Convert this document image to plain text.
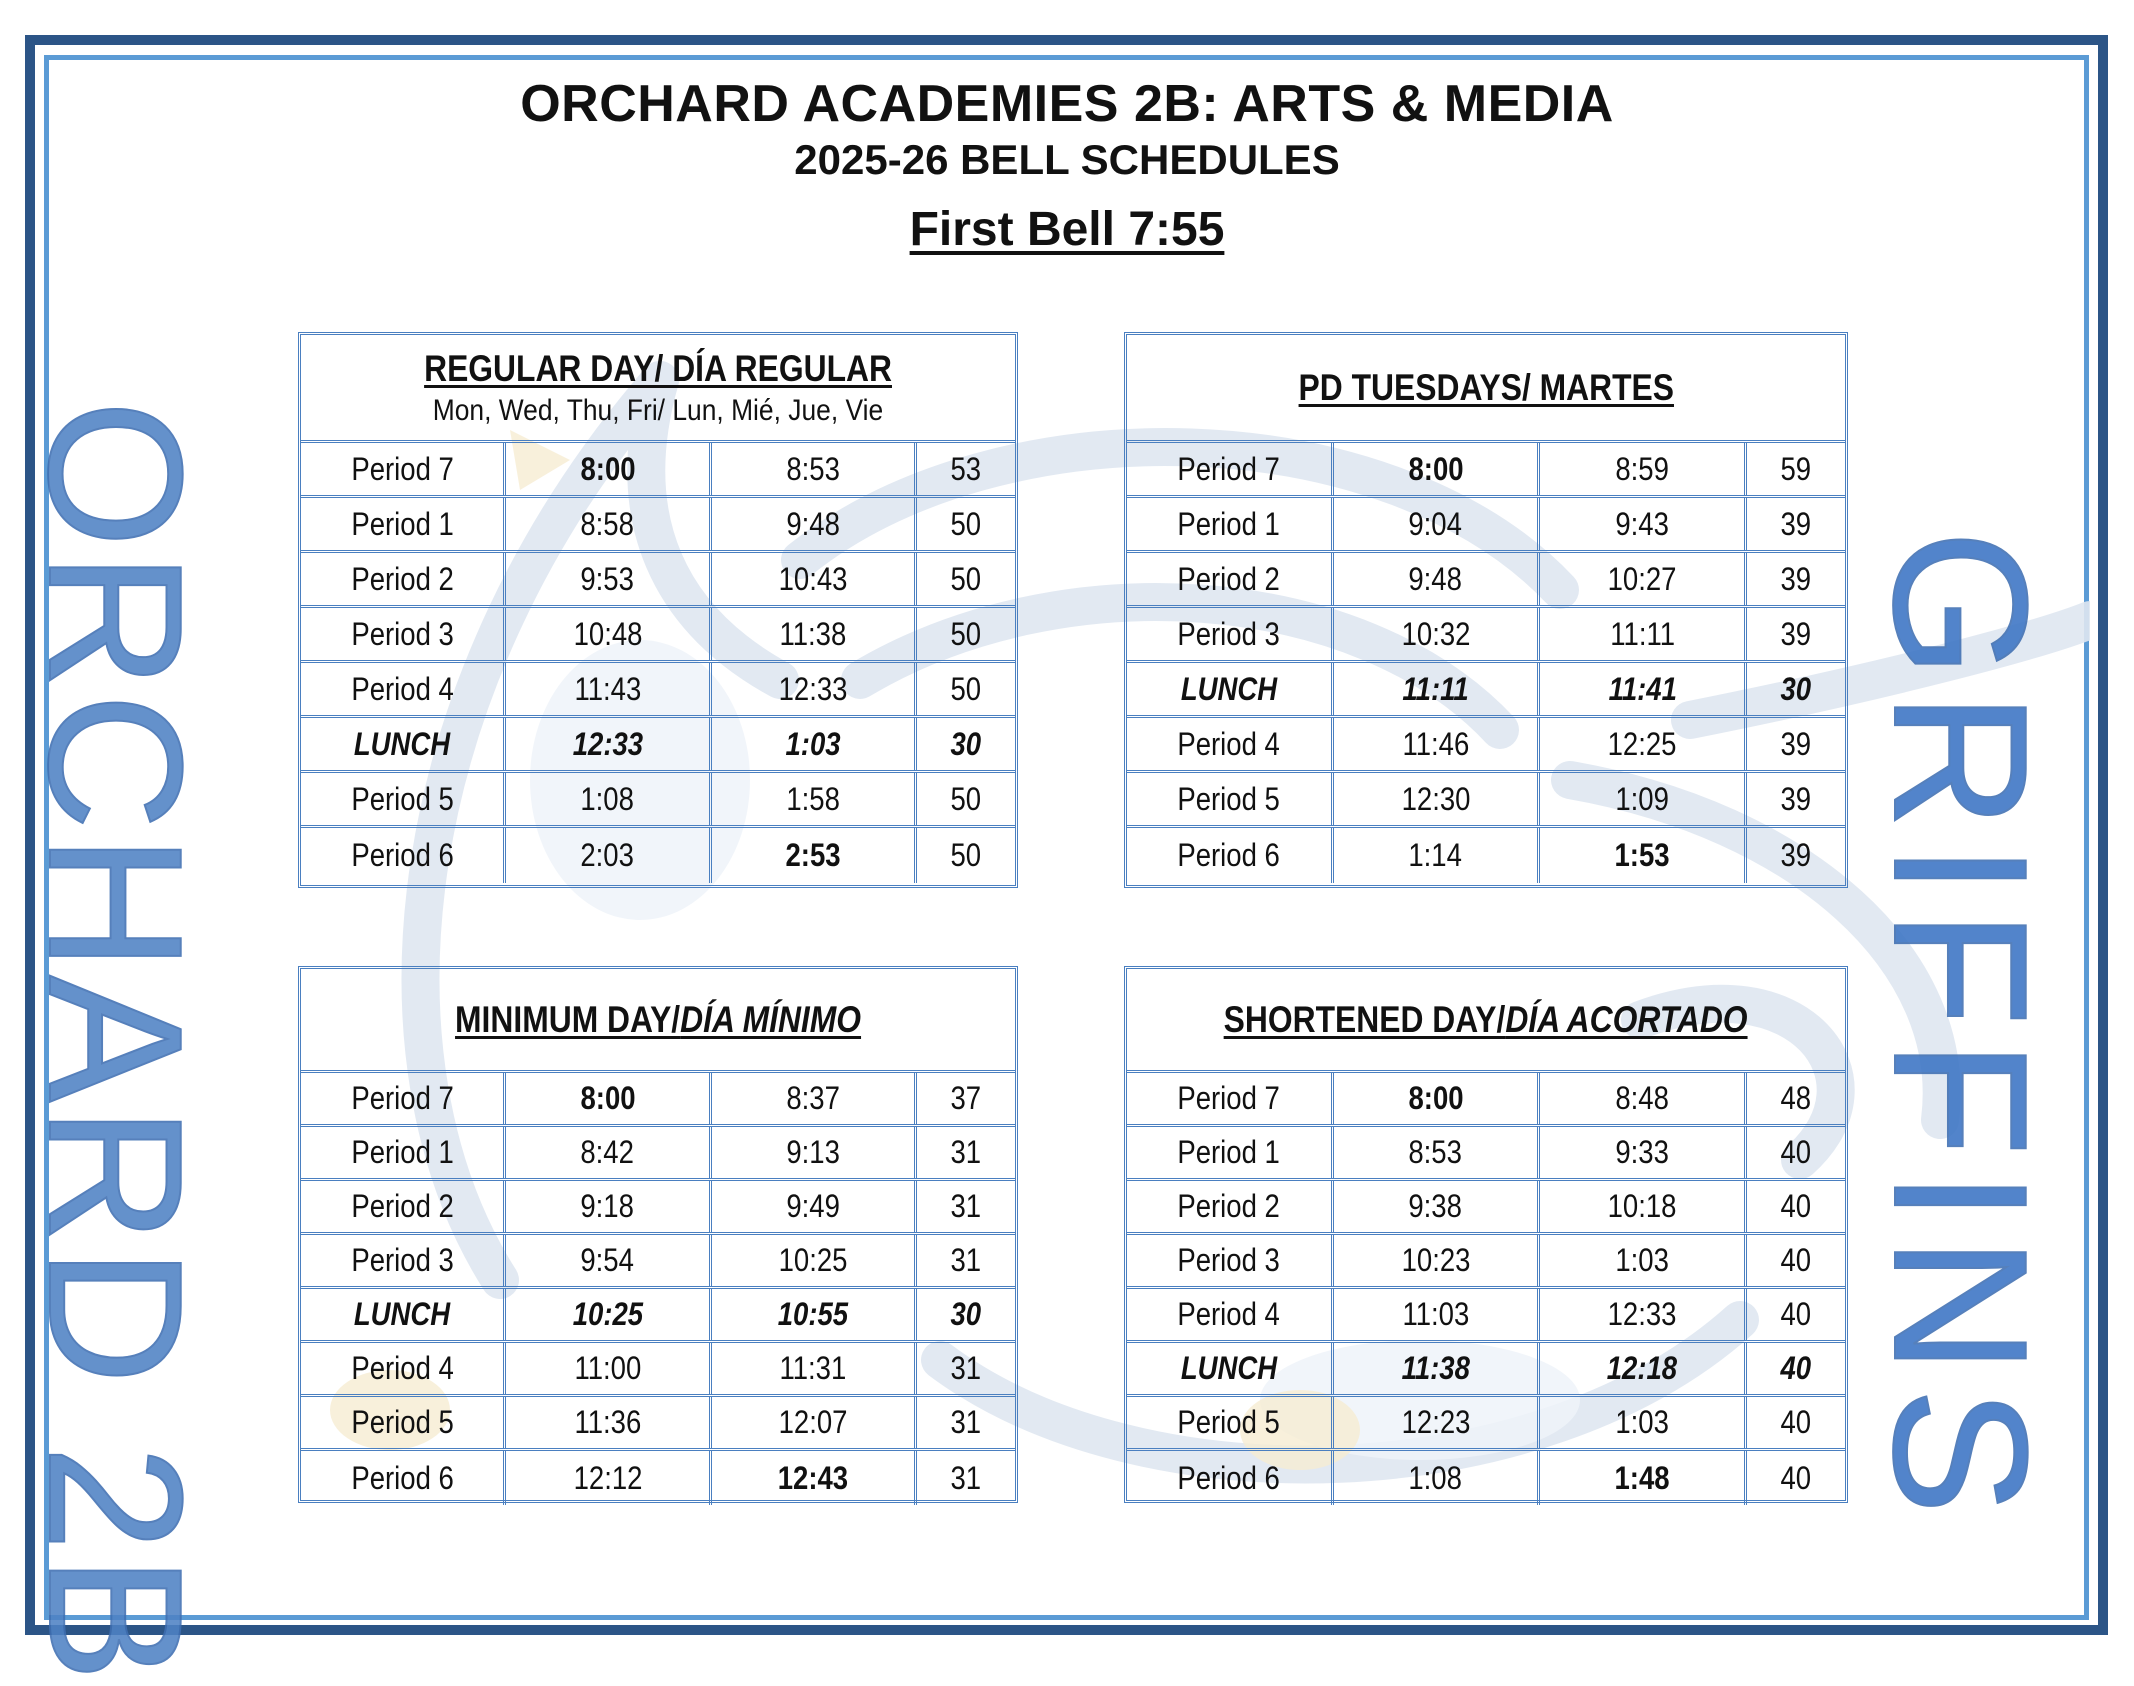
ORCHARD ACADEMIES 2B: ARTS & MEDIA
2025-26 BELL SCHEDULES
First Bell 7:55
ORCHARD 2B	GRIFFINS
REGULAR DAY/ DÍA REGULAR
Mon, Wed, Thu, Fri/ Lun, Mié, Jue, Vie
Period 7	8:00	8:53	53
Period 1	8:58	9:48	50
Period 2	9:53	10:43	50
Period 3	10:48	11:38	50
Period 4	11:43	12:33	50
LUNCH	12:33	1:03	30
Period 5	1:08	1:58	50
Period 6	2:03	2:53	50
PD TUESDAYS/ MARTES
Period 7	8:00	8:59	59
Period 1	9:04	9:43	39
Period 2	9:48	10:27	39
Period 3	10:32	11:11	39
LUNCH	11:11	11:41	30
Period 4	11:46	12:25	39
Period 5	12:30	1:09	39
Period 6	1:14	1:53	39
MINIMUM DAY/DÍA MÍNIMO
Period 7	8:00	8:37	37
Period 1	8:42	9:13	31
Period 2	9:18	9:49	31
Period 3	9:54	10:25	31
LUNCH	10:25	10:55	30
Period 4	11:00	11:31	31
Period 5	11:36	12:07	31
Period 6	12:12	12:43	31
SHORTENED DAY/DÍA ACORTADO
Period 7	8:00	8:48	48
Period 1	8:53	9:33	40
Period 2	9:38	10:18	40
Period 3	10:23	1:03	40
Period 4	11:03	12:33	40
LUNCH	11:38	12:18	40
Period 5	12:23	1:03	40
Period 6	1:08	1:48	40
